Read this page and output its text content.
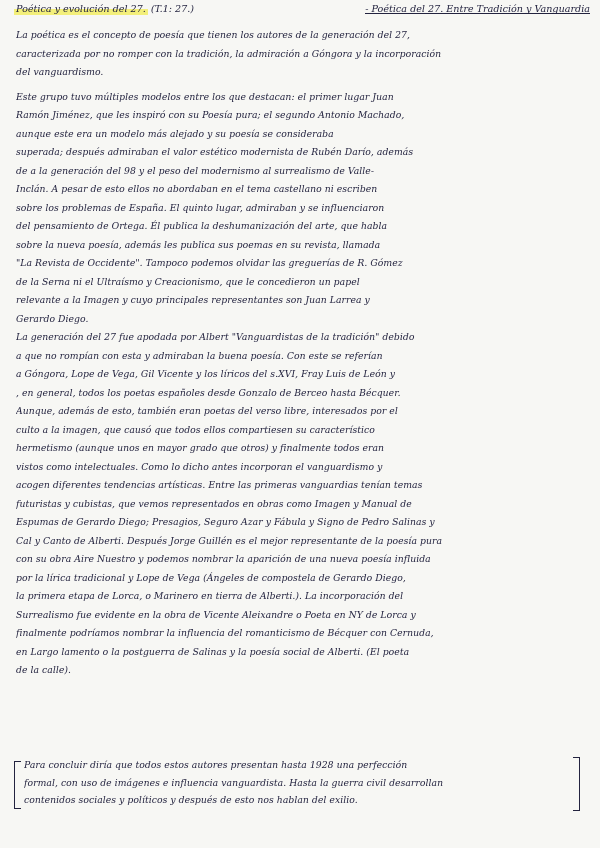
Poética y evolución del 27. (T.1: 27.)	- Poética del 27. Entre Tradición y Vanguardia
La poética es el concepto de poesía que tienen los autores de la generación del 27,
caracterizada por no romper con la tradición, la admiración a Góngora y la incorporación
del vanguardismo.
Este grupo tuvo múltiples modelos entre los que destacan: el primer lugar Juan
Ramón Jiménez, que les inspiró con su Poesía pura; el segundo Antonio Machado,
aunque este era un modelo más alejado y su poesía se consideraba
superada; después admiraban el valor estético modernista de Rubén Darío, además
de a la generación del 98 y el peso del modernismo al surrealismo de Valle-
Inclán. A pesar de esto ellos no abordaban en el tema castellano ni escriben
sobre los problemas de España. El quinto lugar, admiraban y se influenciaron
del pensamiento de Ortega. Él publica la deshumanización del arte, que habla
sobre la nueva poesía, además les publica sus poemas en su revista, llamada
"La Revista de Occidente". Tampoco podemos olvidar las greguerías de R. Gómez
de la Serna ni el Ultraísmo y Creacionismo, que le concedieron un papel
relevante a la Imagen y cuyo principales representantes son Juan Larrea y
Gerardo Diego.
La generación del 27 fue apodada por Albert "Vanguardistas de la tradición" debido
a que no rompían con esta y admiraban la buena poesía. Con este se referían
a Góngora, Lope de Vega, Gil Vicente y los líricos del s.XVI, Fray Luis de León y
, en general, todos los poetas españoles desde Gonzalo de Berceo hasta Bécquer.
Aunque, además de esto, también eran poetas del verso libre, interesados por el
culto a la imagen, que causó que todos ellos compartiesen su característico
hermetismo (aunque unos en mayor grado que otros) y finalmente todos eran
vistos como intelectuales. Como lo dicho antes incorporan el vanguardismo y
acogen diferentes tendencias artísticas. Entre las primeras vanguardias tenían temas
futuristas y cubistas, que vemos representados en obras como Imagen y Manual de
Espumas de Gerardo Diego; Presagios, Seguro Azar y Fábula y Signo de Pedro Salinas y
Cal y Canto de Alberti. Después Jorge Guillén es el mejor representante de la poesía pura
con su obra Aire Nuestro y podemos nombrar la aparición de una nueva poesía influida
por la lírica tradicional y Lope de Vega (Ángeles de compostela de Gerardo Diego,
la primera etapa de Lorca, o Marinero en tierra de Alberti.). La incorporación del
Surrealismo fue evidente en la obra de Vicente Aleixandre o Poeta en NY de Lorca y
finalmente podríamos nombrar la influencia del romanticismo de Bécquer con Cernuda,
en Largo lamento o la postguerra de Salinas y la poesía social de Alberti. (El poeta
de la calle).
Para concluir diría que todos estos autores presentan hasta 1928 una perfección
formal, con uso de imágenes e influencia vanguardista. Hasta la guerra civil desarrollan
contenidos sociales y políticos y después de esto nos hablan del exilio.
